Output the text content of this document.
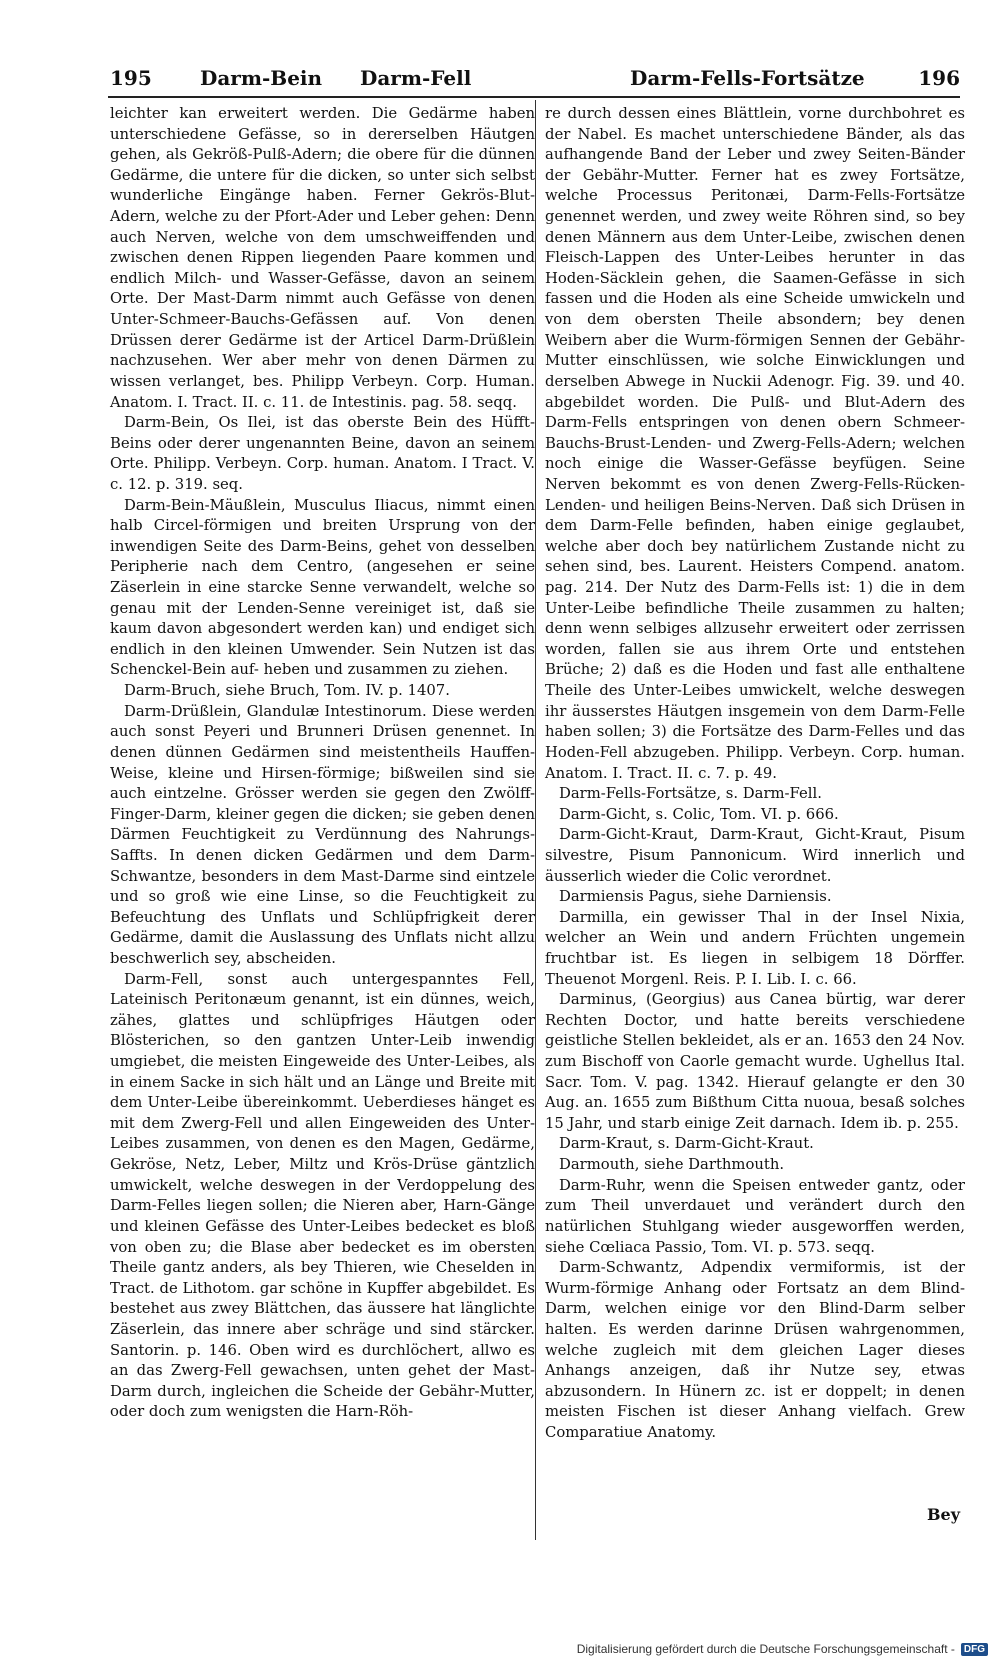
195 Darm-Bein Darm-Fell	Darm-Fells-Fortsätze	196

leichter kan erweitert werden. Die Gedärme haben unterschiedene Gefässe, so in dererselben Häutgen gehen, als Gekröß-Pulß-Adern; die obere für die dünnen Gedärme, die untere für die dicken, so unter sich selbst wunderliche Eingänge haben. Ferner Gekrös-Blut-Adern, welche zu der Pfort-Ader und Leber gehen: Denn auch Nerven, welche von dem umschweiffenden und zwischen denen Rippen liegenden Paare kommen und endlich Milch- und Wasser-Gefässe, davon an seinem Orte. Der Mast-Darm nimmt auch Gefässe von denen Unter-Schmeer-Bauchs-Gefässen auf. Von denen Drüssen derer Gedärme ist der Articel Darm-Drüßlein nachzusehen. Wer aber mehr von denen Därmen zu wissen verlanget, bes. Philipp Verbeyn. Corp. Human. Anatom. I. Tract. II. c. 11. de Intestinis. pag. 58. seqq.

Darm-Bein, Os Ilei, ist das oberste Bein des Hüfft-Beins oder derer ungenannten Beine, davon an seinem Orte. Philipp. Verbeyn. Corp. human. Anatom. I Tract. V. c. 12. p. 319. seq.

Darm-Bein-Mäußlein, Musculus Iliacus, nimmt einen halb Circel-förmigen und breiten Ursprung von der inwendigen Seite des Darm-Beins, gehet von desselben Peripherie nach dem Centro, (angesehen er seine Zäserlein in eine starcke Senne verwandelt, welche so genau mit der Lenden-Senne vereiniget ist, daß sie kaum davon abgesondert werden kan) und endiget sich endlich in den kleinen Umwender. Sein Nutzen ist das Schenckel-Bein auf- heben und zusammen zu ziehen.

Darm-Bruch, siehe Bruch, Tom. IV. p. 1407.

Darm-Drüßlein, Glandulæ Intestinorum. Diese werden auch sonst Peyeri und Brunneri Drüsen genennet. In denen dünnen Gedärmen sind meistentheils Hauffen-Weise, kleine und Hirsen-förmige; bißweilen sind sie auch eintzelne. Grösser werden sie gegen den Zwölff-Finger-Darm, kleiner gegen die dicken; sie geben denen Därmen Feuchtigkeit zu Verdünnung des Nahrungs-Saffts. In denen dicken Gedärmen und dem Darm-Schwantze, besonders in dem Mast-Darme sind eintzele und so groß wie eine Linse, so die Feuchtigkeit zu Befeuchtung des Unflats und Schlüpfrigkeit derer Gedärme, damit die Auslassung des Unflats nicht allzu beschwerlich sey, abscheiden.

Darm-Fell, sonst auch untergespanntes Fell, Lateinisch Peritonæum genannt, ist ein dünnes, weich, zähes, glattes und schlüpfriges Häutgen oder Blösterichen, so den gantzen Unter-Leib inwendig umgiebet, die meisten Eingeweide des Unter-Leibes, als in einem Sacke in sich hält und an Länge und Breite mit dem Unter-Leibe übereinkommt. Ueberdieses hänget es mit dem Zwerg-Fell und allen Eingeweiden des Unter-Leibes zusammen, von denen es den Magen, Gedärme, Gekröse, Netz, Leber, Miltz und Krös-Drüse gäntzlich umwickelt, welche deswegen in der Verdoppelung des Darm-Felles liegen sollen; die Nieren aber, Harn-Gänge und kleinen Gefässe des Unter-Leibes bedecket es bloß von oben zu; die Blase aber bedecket es im obersten Theile gantz anders, als bey Thieren, wie Cheselden in Tract. de Lithotom. gar schöne in Kupffer abgebildet. Es bestehet aus zwey Blättchen, das äussere hat länglichte Zäserlein, das innere aber schräge und sind stärcker. Santorin. p. 146. Oben wird es durchlöchert, allwo es an das Zwerg-Fell gewachsen, unten gehet der Mast-Darm durch, ingleichen die Scheide der Gebähr-Mutter, oder doch zum wenigsten die Harn-Röh-

re durch dessen eines Blättlein, vorne durchbohret es der Nabel. Es machet unterschiedene Bänder, als das aufhangende Band der Leber und zwey Seiten-Bänder der Gebähr-Mutter. Ferner hat es zwey Fortsätze, welche Processus Peritonæi, Darm-Fells-Fortsätze genennet werden, und zwey weite Röhren sind, so bey denen Männern aus dem Unter-Leibe, zwischen denen Fleisch-Lappen des Unter-Leibes herunter in das Hoden-Säcklein gehen, die Saamen-Gefässe in sich fassen und die Hoden als eine Scheide umwickeln und von dem obersten Theile absondern; bey denen Weibern aber die Wurm-förmigen Sennen der Gebähr-Mutter einschlüssen, wie solche Einwicklungen und derselben Abwege in Nuckii Adenogr. Fig. 39. und 40. abgebildet worden. Die Pulß- und Blut-Adern des Darm-Fells entspringen von denen obern Schmeer-Bauchs-Brust-Lenden- und Zwerg-Fells-Adern; welchen noch einige die Wasser-Gefässe beyfügen. Seine Nerven bekommt es von denen Zwerg-Fells-Rücken-Lenden- und heiligen Beins-Nerven. Daß sich Drüsen in dem Darm-Felle befinden, haben einige geglaubet, welche aber doch bey natürlichem Zustande nicht zu sehen sind, bes. Laurent. Heisters Compend. anatom. pag. 214. Der Nutz des Darm-Fells ist: 1) die in dem Unter-Leibe befindliche Theile zusammen zu halten; denn wenn selbiges allzusehr erweitert oder zerrissen worden, fallen sie aus ihrem Orte und entstehen Brüche; 2) daß es die Hoden und fast alle enthaltene Theile des Unter-Leibes umwickelt, welche deswegen ihr äusserstes Häutgen insgemein von dem Darm-Felle haben sollen; 3) die Fortsätze des Darm-Felles und das Hoden-Fell abzugeben. Philipp. Verbeyn. Corp. human. Anatom. I. Tract. II. c. 7. p. 49.

Darm-Fells-Fortsätze, s. Darm-Fell.

Darm-Gicht, s. Colic, Tom. VI. p. 666.

Darm-Gicht-Kraut, Darm-Kraut, Gicht-Kraut, Pisum silvestre, Pisum Pannonicum. Wird innerlich und äusserlich wieder die Colic verordnet.

Darmiensis Pagus, siehe Darniensis.

Darmilla, ein gewisser Thal in der Insel Nixia, welcher an Wein und andern Früchten ungemein fruchtbar ist. Es liegen in selbigem 18 Dörffer. Theuenot Morgenl. Reis. P. I. Lib. I. c. 66.

Darminus, (Georgius) aus Canea bürtig, war derer Rechten Doctor, und hatte bereits verschiedene geistliche Stellen bekleidet, als er an. 1653 den 24 Nov. zum Bischoff von Caorle gemacht wurde. Ughellus Ital. Sacr. Tom. V. pag. 1342. Hierauf gelangte er den 30 Aug. an. 1655 zum Bißthum Citta nuoua, besaß solches 15 Jahr, und starb einige Zeit darnach. Idem ib. p. 255.

Darm-Kraut, s. Darm-Gicht-Kraut.

Darmouth, siehe Darthmouth.

Darm-Ruhr, wenn die Speisen entweder gantz, oder zum Theil unverdauet und verändert durch den natürlichen Stuhlgang wieder ausgeworffen werden, siehe Cœliaca Passio, Tom. VI. p. 573. seqq.

Darm-Schwantz, Adpendix vermiformis, ist der Wurm-förmige Anhang oder Fortsatz an dem Blind-Darm, welchen einige vor den Blind-Darm selber halten. Es werden darinne Drüsen wahrgenommen, welche zugleich mit dem gleichen Lager dieses Anhangs anzeigen, daß ihr Nutze sey, etwas abzusondern. In Hünern zc. ist er doppelt; in denen meisten Fischen ist dieser Anhang vielfach. Grew Comparatiue Anatomy.

Bey
Digitalisierung gefördert durch die Deutsche Forschungsgemeinschaft - DFG
